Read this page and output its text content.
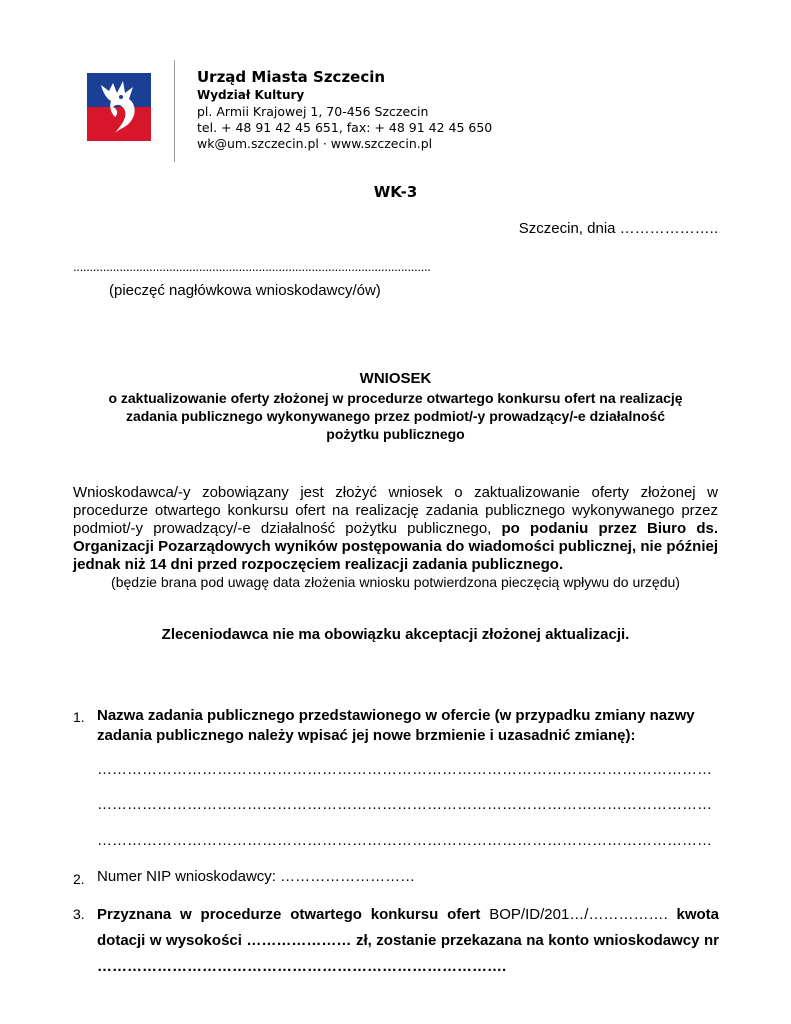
Urząd Miasta Szczecin
Wydział Kultury
pl. Armii Krajowej 1, 70-456 Szczecin
tel. + 48 91 42 45 651, fax: + 48 91 42 45 650
wk@um.szczecin.pl · www.szczecin.pl
WK-3
Szczecin, dnia ………………..
............................................................................................................
(pieczęć nagłówkowa wnioskodawcy/ów)
WNIOSEK
o zaktualizowanie oferty złożonej w procedurze otwartego konkursu ofert na realizację
zadania publicznego wykonywanego przez podmiot/-y prowadzący/-e działalność
pożytku publicznego
Wnioskodawca/-y zobowiązany jest złożyć wniosek o zaktualizowanie oferty złożonej w procedurze otwartego konkursu ofert na realizację zadania publicznego wykonywanego przez podmiot/-y prowadzący/-e działalność pożytku publicznego, po podaniu przez Biuro ds. Organizacji Pozarządowych wyników postępowania do wiadomości publicznej, nie później jednak niż 14 dni przed rozpoczęciem realizacji zadania publicznego.
(będzie brana pod uwagę data złożenia wniosku potwierdzona pieczęcią wpływu do urzędu)
Zleceniodawca nie ma obowiązku akceptacji złożonej aktualizacji.
1. Nazwa zadania publicznego przedstawionego w ofercie (w przypadku zmiany nazwy zadania publicznego należy wpisać jej nowe brzmienie i uzasadnić zmianę):
……………………………………………………………………………………………………………
……………………………………………………………………………………………………………
……………………………………………………………………………………………………………
2. Numer NIP wnioskodawcy: ………………………
3. Przyznana w procedurze otwartego konkursu ofert BOP/ID/201…/……………. kwota dotacji w wysokości ………………… zł, zostanie przekazana na konto wnioskodawcy nr ……………………………………………………………………….
